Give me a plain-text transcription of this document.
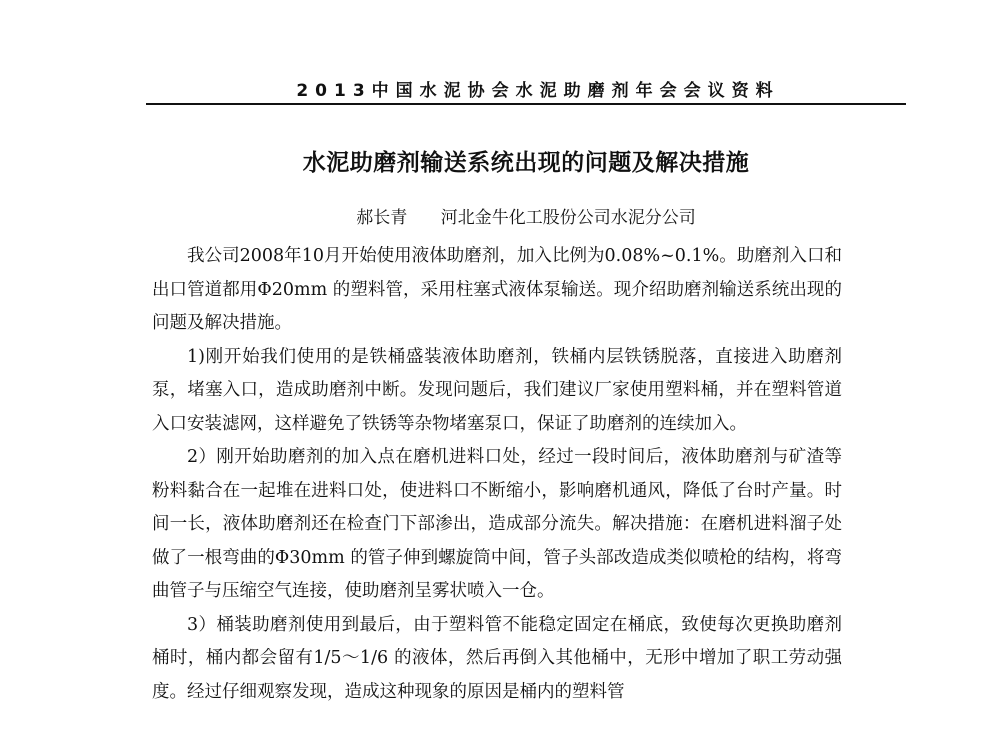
2013中国水泥协会水泥助磨剂年会会议资料
水泥助磨剂输送系统出现的问题及解决措施
郝长青 河北金牛化工股份公司水泥分公司

我公司2008年10月开始使用液体助磨剂，加入比例为0.08%~0.1%。助磨剂入口和出口管道都用Φ20mm 的塑料管，采用柱塞式液体泵输送。现介绍助磨剂输送系统出现的问题及解决措施。

1)刚开始我们使用的是铁桶盛装液体助磨剂，铁桶内层铁锈脱落，直接进入助磨剂泵，堵塞入口，造成助磨剂中断。发现问题后，我们建议厂家使用塑料桶，并在塑料管道入口安装滤网，这样避免了铁锈等杂物堵塞泵口，保证了助磨剂的连续加入。

2）刚开始助磨剂的加入点在磨机进料口处，经过一段时间后，液体助磨剂与矿渣等粉料黏合在一起堆在进料口处，使进料口不断缩小，影响磨机通风，降低了台时产量。时间一长，液体助磨剂还在检查门下部渗出，造成部分流失。解决措施：在磨机进料溜子处做了一根弯曲的Φ30mm 的管子伸到螺旋筒中间，管子头部改造成类似喷枪的结构，将弯曲管子与压缩空气连接，使助磨剂呈雾状喷入一仓。

3）桶装助磨剂使用到最后，由于塑料管不能稳定固定在桶底，致使每次更换助磨剂桶时，桶内都会留有1/5～1/6 的液体，然后再倒入其他桶中，无形中增加了职工劳动强度。经过仔细观察发现，造成这种现象的原因是桶内的塑料管
